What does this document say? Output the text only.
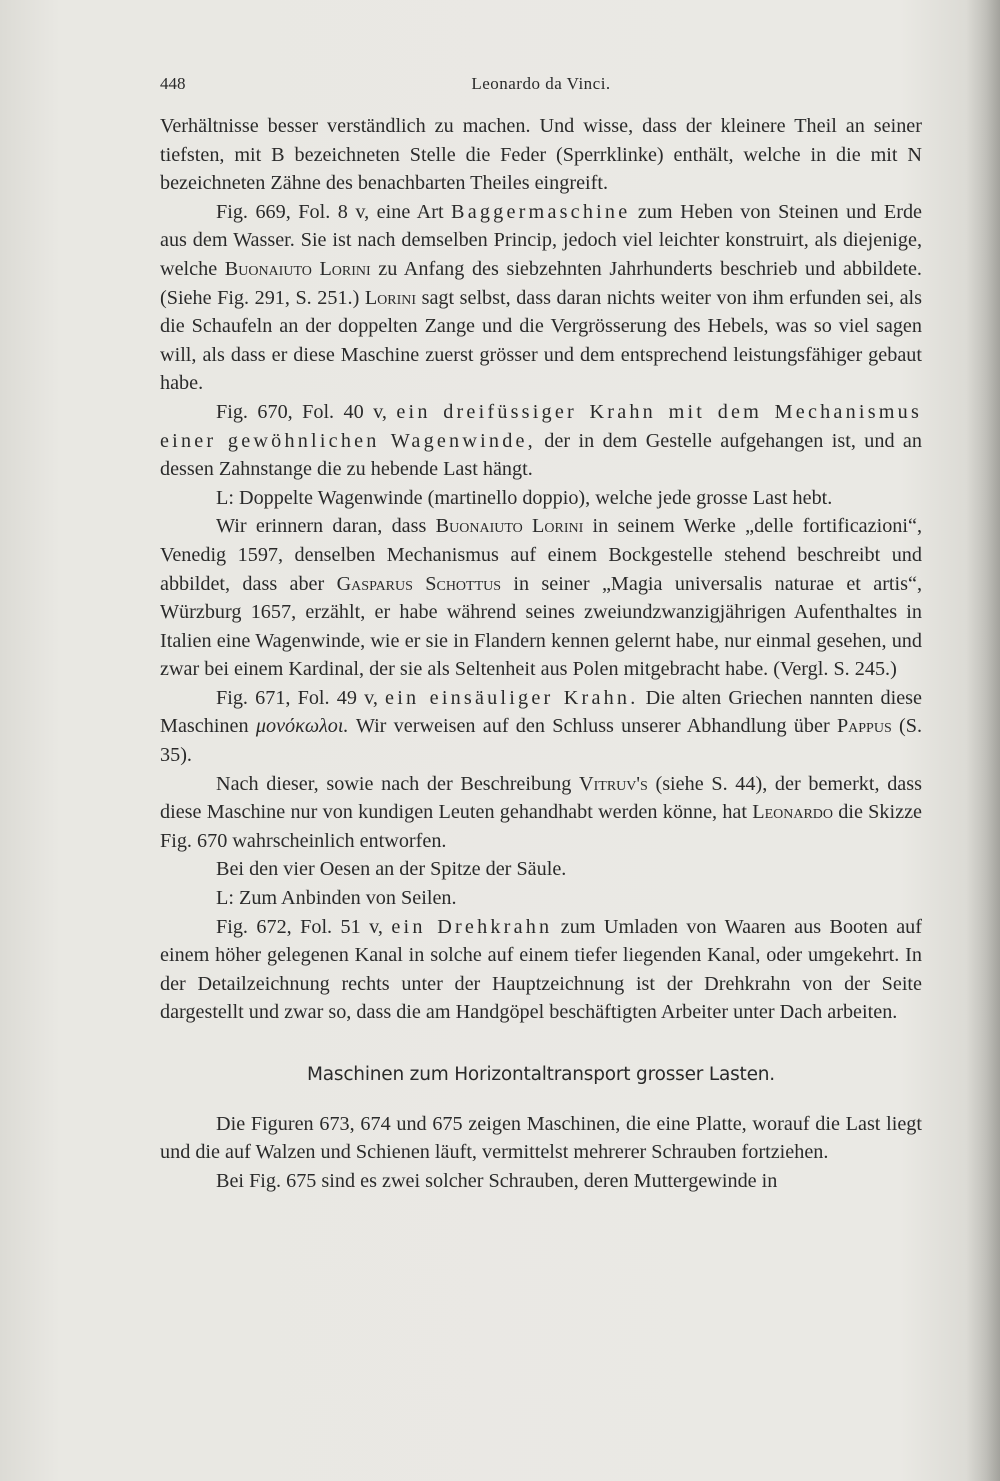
448	Leonardo da Vinci.

Verhältnisse besser verständlich zu machen. Und wisse, dass der kleinere Theil an seiner tiefsten, mit B bezeichneten Stelle die Feder (Sperrklinke) enthält, welche in die mit N bezeichneten Zähne des benachbarten Theiles eingreift.

Fig. 669, Fol. 8 v, eine Art Baggermaschine zum Heben von Steinen und Erde aus dem Wasser. Sie ist nach demselben Princip, jedoch viel leichter konstruirt, als diejenige, welche Buonaiuto Lorini zu Anfang des siebzehnten Jahrhunderts beschrieb und abbildete. (Siehe Fig. 291, S. 251.) Lorini sagt selbst, dass daran nichts weiter von ihm erfunden sei, als die Schaufeln an der doppelten Zange und die Vergrösserung des Hebels, was so viel sagen will, als dass er diese Maschine zuerst grösser und dem entsprechend leistungsfähiger gebaut habe.

Fig. 670, Fol. 40 v, ein dreifüssiger Krahn mit dem Mechanismus einer gewöhnlichen Wagenwinde, der in dem Gestelle aufgehangen ist, und an dessen Zahnstange die zu hebende Last hängt.

L: Doppelte Wagenwinde (martinello doppio), welche jede grosse Last hebt.

Wir erinnern daran, dass Buonaiuto Lorini in seinem Werke „delle fortificazioni“, Venedig 1597, denselben Mechanismus auf einem Bockgestelle stehend beschreibt und abbildet, dass aber Gasparus Schottus in seiner „Magia universalis naturae et artis“, Würzburg 1657, erzählt, er habe während seines zweiundzwanzigjährigen Aufenthaltes in Italien eine Wagenwinde, wie er sie in Flandern kennen gelernt habe, nur einmal gesehen, und zwar bei einem Kardinal, der sie als Seltenheit aus Polen mitgebracht habe. (Vergl. S. 245.)

Fig. 671, Fol. 49 v, ein einsäuliger Krahn. Die alten Griechen nannten diese Maschinen μονόκωλοι. Wir verweisen auf den Schluss unserer Abhandlung über Pappus (S. 35).

Nach dieser, sowie nach der Beschreibung Vitruv's (siehe S. 44), der bemerkt, dass diese Maschine nur von kundigen Leuten gehandhabt werden könne, hat Leonardo die Skizze Fig. 670 wahrscheinlich entworfen.

Bei den vier Oesen an der Spitze der Säule.

L: Zum Anbinden von Seilen.

Fig. 672, Fol. 51 v, ein Drehkrahn zum Umladen von Waaren aus Booten auf einem höher gelegenen Kanal in solche auf einem tiefer liegenden Kanal, oder umgekehrt. In der Detailzeichnung rechts unter der Hauptzeichnung ist der Drehkrahn von der Seite dargestellt und zwar so, dass die am Handgöpel beschäftigten Arbeiter unter Dach arbeiten.

Maschinen zum Horizontaltransport grosser Lasten.

Die Figuren 673, 674 und 675 zeigen Maschinen, die eine Platte, worauf die Last liegt und die auf Walzen und Schienen läuft, vermittelst mehrerer Schrauben fortziehen.

Bei Fig. 675 sind es zwei solcher Schrauben, deren Muttergewinde in
